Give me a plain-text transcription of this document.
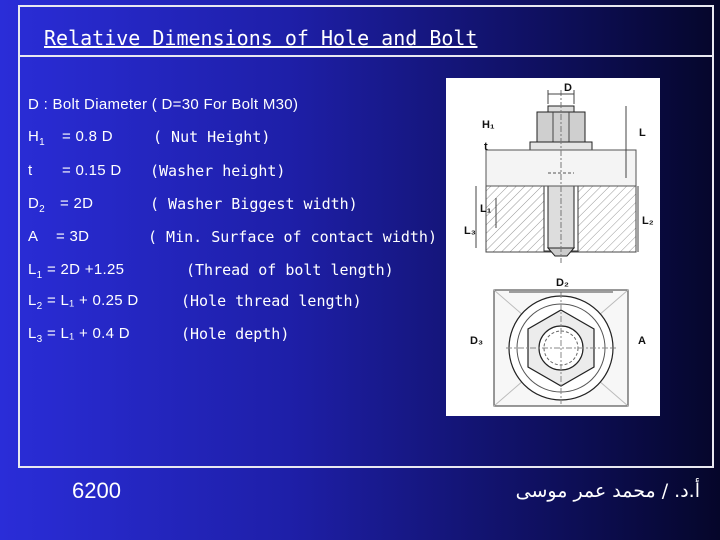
Relative Dimensions of Hole and Bolt
D : Bolt Diameter ( D=30 For Bolt M30)
$H_1 = 0.8$ D	( Nut Height)
t = 0.15 D (Washer height)
$D_2 = 2D$	( Washer Biggest width)
A = 3D	( Min. Surface of contact width)
$L_1 = 2D +1.25$	(Thread of bolt length)
$L_2 = L_1 + 0.25$ D	(Hole thread length)
$L_3 = L_1 + 0.4$ D	(Hole depth)
D
H₁
t
L
L₁
L₂
L₃
D₂
D₃	A
6200	أ.د. / محمد عمر موسى
